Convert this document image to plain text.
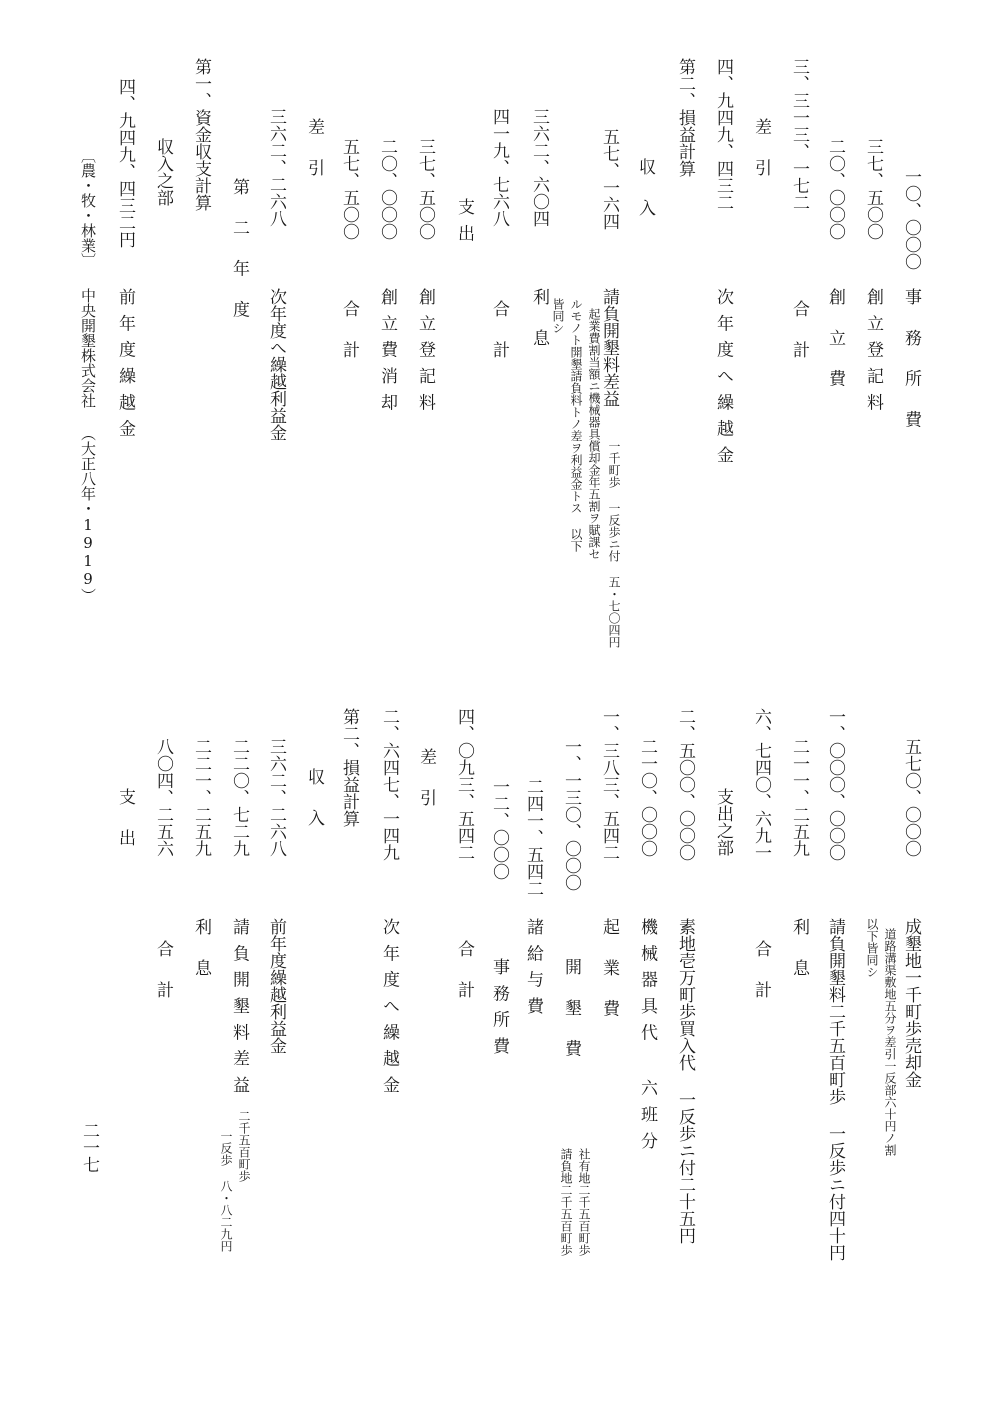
一〇、〇〇〇
事務所費
三七、五〇〇
創立登記料
二〇、〇〇〇
創立費
三、三一三、一七二
合計
差引
四、九四九、四三二
次年度へ繰越金
第二、損益計算
収入
五七、一六四
請負開墾料差益
一千町歩 一反歩ニ付 五・七〇四円
起業費割当額ニ機械器具償却金年五割ヲ賦課セ
ルモノト開墾請負料トノ差ヲ利益金トス 以下
皆同シ
三六二、六〇四
利息
四一九、七六八
合計
支出
三七、五〇〇
創立登記料
二〇、〇〇〇
創立費消却
五七、五〇〇
合計
差引
三六二、二六八
次年度へ繰越利益金
第二年度
第一、資金収支計算
収入之部
四、九四九、四三二円
前年度繰越金
〔農・牧・林業〕
中央開墾株式会社 （大正八年・1919）
五七〇、〇〇〇
成墾地一千町歩売却金
道路溝渠敷地五分ヲ差引一反部六十円ノ割
以下皆同シ
一、〇〇〇、〇〇〇
請負開墾料二千五百町歩 一反歩ニ付四十円
二一一、二五九
利息
六、七四〇、六九一
合計
支出之部
二、五〇〇、〇〇〇
素地壱万町歩買入代 一反歩ニ付二十五円
二一〇、〇〇〇
機械器具代 六班分
一、三八三、五四二
起業費
一、一三〇、〇〇〇
開墾費
社有地二千五百町歩
請負地二千五百町歩
二四一、五四二
諸給与費
一二、〇〇〇
事務所費
四、〇九三、五四二
合計
差引
二、六四七、一四九
次年度へ繰越金
第二、損益計算
収入
三六二、二六八
前年度繰越利益金
二二〇、七二九
請負開墾料差益
二千五百町歩
一反歩 八・八二九円
二二一、二五九
利息
八〇四、二五六
合計
支出
二一七
